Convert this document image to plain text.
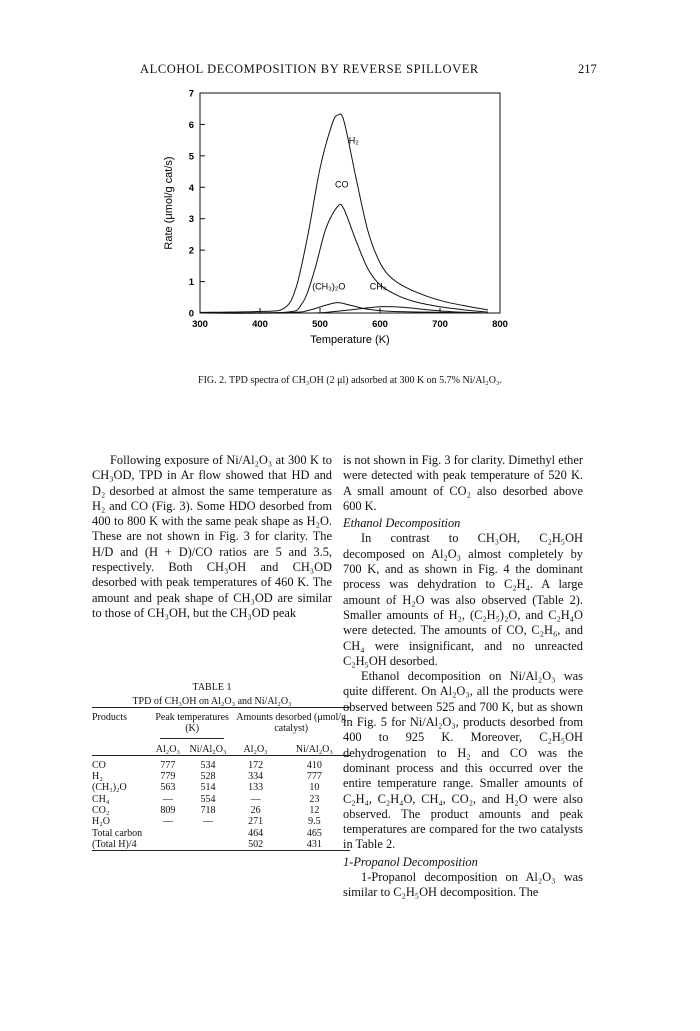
ALCOHOL DECOMPOSITION BY REVERSE SPILLOVER	217
300	400	500	600	700	800
0
1
2
3
4
5
6
7
Temperature (K)
Rate (μmol/g cat/s)
H₂
CO
(CH₃)₂O	CH₄
FIG. 2. TPD spectra of CH₃OH (2 μl) adsorbed at 300 K on 5.7% Ni/Al₂O₃.

Following exposure of Ni/Al₂O₃ at 300 K to CH₃OD, TPD in Ar flow showed that HD and D₂ desorbed at almost the same temperature as H₂ and CO (Fig. 3). Some HDO desorbed from 400 to 800 K with the same peak shape as H₂O. These are not shown in Fig. 3 for clarity. The H/D and (H + D)/CO ratios are 5 and 3.5, respectively. Both CH₃OH and CH₃OD desorbed with peak temperatures of 460 K. The amount and peak shape of CH₃OD are similar to those of CH₃OH, but the CH₃OD peak

TABLE 1
TPD of CH₃OH on Al₂O₃ and Ni/Al₂O₃
Products	Peak temperatures (K)		Amounts desorbed (μmol/g catalyst)	

	Al₂O₃	Ni/Al₂O₃	Al₂O₃	Ni/Al₂O₃

CO	777	534	172	410
H₂	779	528	334	777
(CH₃)₂O	563	514	133	10
CH₄	—	554	—	23
CO₂	809	718	26	12
H₂O	—	—	271	9.5
Total carbon			464	465
(Total H)/4			502	431

is not shown in Fig. 3 for clarity. Dimethyl ether were detected with peak temperature of 520 K. A small amount of CO₂ also desorbed above 600 K.

Ethanol Decomposition

In contrast to CH₃OH, C₂H₅OH decomposed on Al₂O₃ almost completely by 700 K, and as shown in Fig. 4 the dominant process was dehydration to C₂H₄. A large amount of H₂O was also observed (Table 2). Smaller amounts of H₂, (C₂H₅)₂O, and C₂H₄O were detected. The amounts of CO, C₂H₆, and CH₄ were insignificant, and no unreacted C₂H₅OH desorbed.

Ethanol decomposition on Ni/Al₂O₃ was quite different. On Al₂O₃, all the products were observed between 525 and 700 K, but as shown in Fig. 5 for Ni/Al₂O₃, products desorbed from 400 to 925 K. Moreover, C₂H₅OH dehydrogenation to H₂ and CO was the dominant process and this occurred over the entire temperature range. Smaller amounts of C₂H₄, C₂H₄O, CH₄, CO₂, and H₂O were also observed. The product amounts and peak temperatures are compared for the two catalysts in Table 2.

1-Propanol Decomposition

1-Propanol decomposition on Al₂O₃ was similar to C₂H₅OH decomposition. The
